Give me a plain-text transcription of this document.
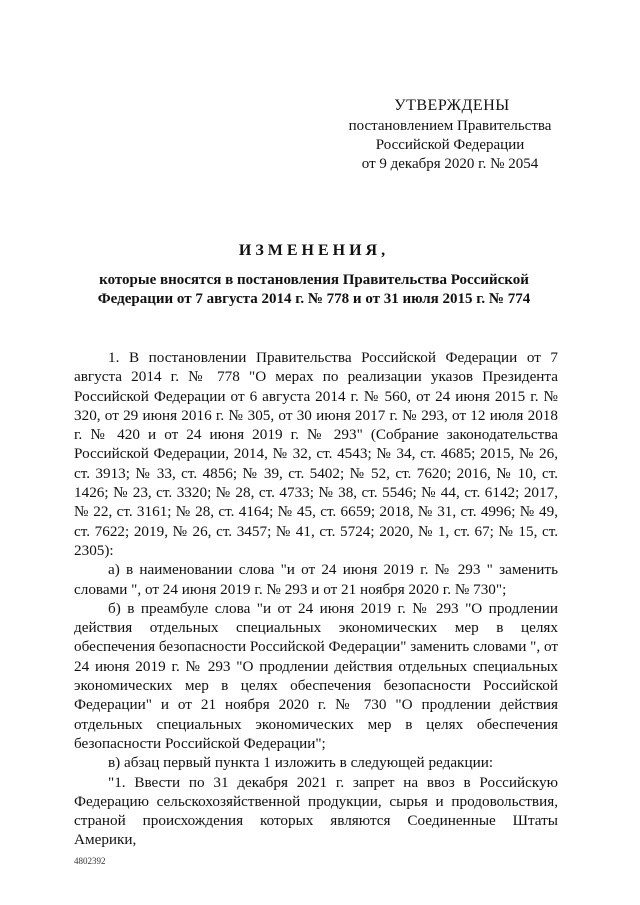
УТВЕРЖДЕНЫ
постановлением Правительства
Российской Федерации
от 9 декабря 2020 г. № 2054
ИЗМЕНЕНИЯ,
которые вносятся в постановления Правительства Российской
Федерации от 7 августа 2014 г. № 778 и от 31 июля 2015 г. № 774

1. В постановлении Правительства Российской Федерации от 7 августа 2014 г. № 778 "О мерах по реализации указов Президента Российской Федерации от 6 августа 2014 г. № 560, от 24 июня 2015 г. № 320, от 29 июня 2016 г. № 305, от 30 июня 2017 г. № 293, от 12 июля 2018 г. № 420 и от 24 июня 2019 г. № 293" (Собрание законодательства Российской Федерации, 2014, № 32, ст. 4543; № 34, ст. 4685; 2015, № 26, ст. 3913; № 33, ст. 4856; № 39, ст. 5402; № 52, ст. 7620; 2016, № 10, ст. 1426; № 23, ст. 3320; № 28, ст. 4733; № 38, ст. 5546; № 44, ст. 6142; 2017, № 22, ст. 3161; № 28, ст. 4164; № 45, ст. 6659; 2018, № 31, ст. 4996; № 49, ст. 7622; 2019, № 26, ст. 3457; № 41, ст. 5724; 2020, № 1, ст. 67; № 15, ст. 2305):

а) в наименовании слова "и от 24 июня 2019 г. № 293 " заменить словами ", от 24 июня 2019 г. № 293 и от 21 ноября 2020 г. № 730";

б) в преамбуле слова "и от 24 июня 2019 г. № 293 "О продлении действия отдельных специальных экономических мер в целях обеспечения безопасности Российской Федерации" заменить словами ", от 24 июня 2019 г. № 293 "О продлении действия отдельных специальных экономических мер в целях обеспечения безопасности Российской Федерации" и от 21 ноября 2020 г. № 730 "О продлении действия отдельных специальных экономических мер в целях обеспечения безопасности Российской Федерации";

в) абзац первый пункта 1 изложить в следующей редакции:

"1. Ввести по 31 декабря 2021 г. запрет на ввоз в Российскую Федерацию сельскохозяйственной продукции, сырья и продовольствия, страной происхождения которых являются Соединенные Штаты Америки,

4802392
